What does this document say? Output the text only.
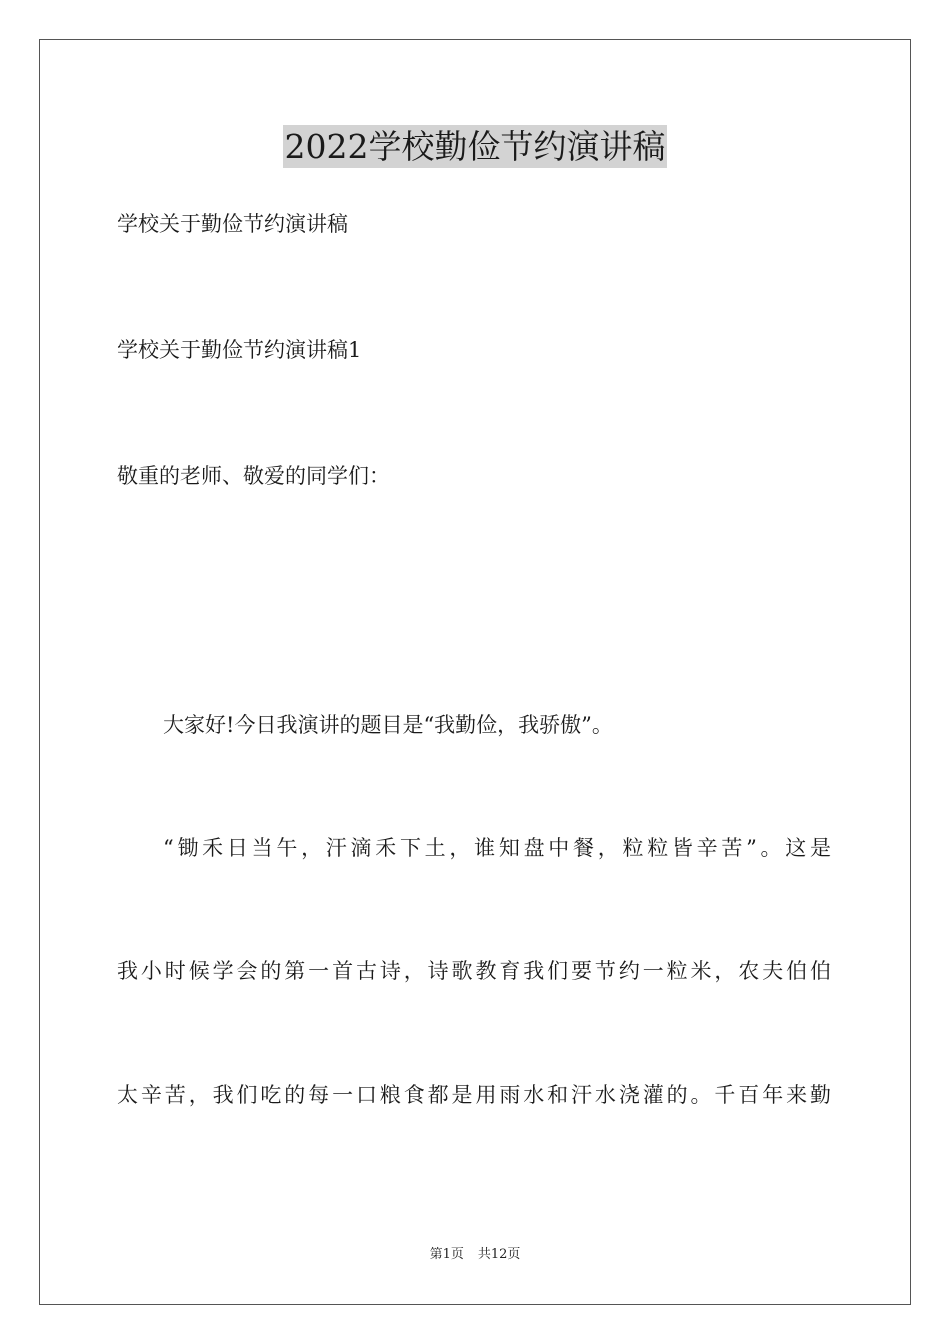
2022学校勤俭节约演讲稿

学校关于勤俭节约演讲稿

学校关于勤俭节约演讲稿1

敬重的老师、敬爱的同学们：

大家好!今日我演讲的题目是“我勤俭，我骄傲”。

“锄禾日当午，汗滴禾下土，谁知盘中餐，粒粒皆辛苦”。这是

我小时候学会的第一首古诗，诗歌教育我们要节约一粒米，农夫伯伯

太辛苦，我们吃的每一口粮食都是用雨水和汗水浇灌的。千百年来勤

第1页 共12页
